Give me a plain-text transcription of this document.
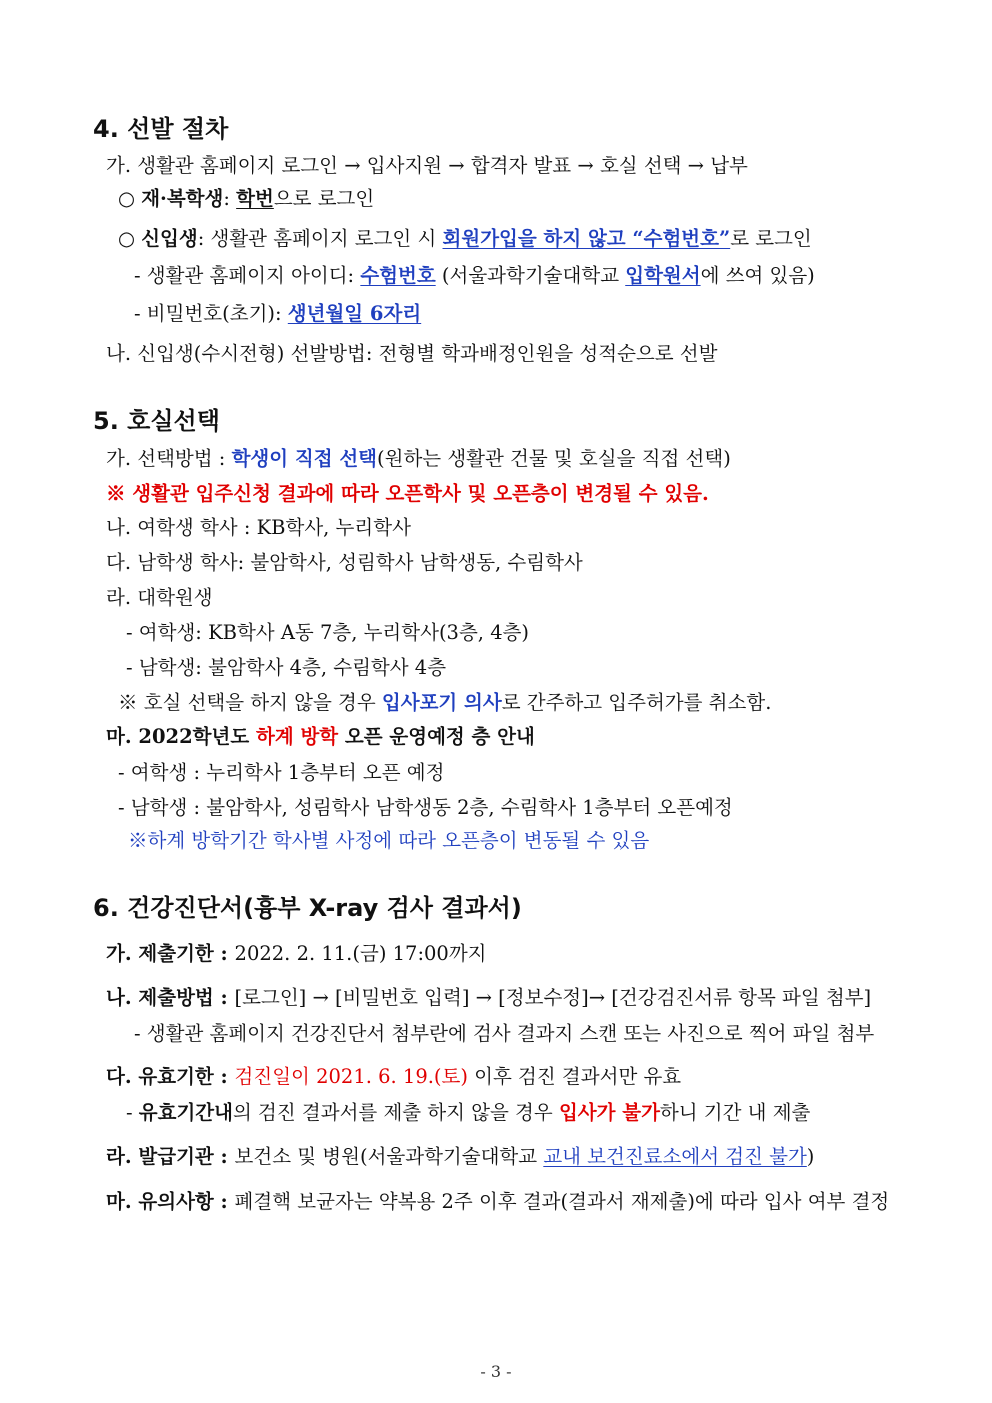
4. 선발 절차
가. 생활관 홈페이지 로그인 → 입사지원 → 합격자 발표 → 호실 선택 → 납부
○ 재·복학생: 학번으로 로그인
○ 신입생: 생활관 홈페이지 로그인 시 회원가입을 하지 않고 “수험번호”로 로그인
- 생활관 홈페이지 아이디: 수험번호 (서울과학기술대학교 입학원서에 쓰여 있음)
- 비밀번호(초기): 생년월일 6자리
나. 신입생(수시전형) 선발방법: 전형별 학과배정인원을 성적순으로 선발
5. 호실선택
가. 선택방법 : 학생이 직접 선택(원하는 생활관 건물 및 호실을 직접 선택)
※ 생활관 입주신청 결과에 따라 오픈학사 및 오픈층이 변경될 수 있음.
나. 여학생 학사 : KB학사, 누리학사
다. 남학생 학사: 불암학사, 성림학사 남학생동, 수림학사
라. 대학원생
- 여학생: KB학사 A동 7층, 누리학사(3층, 4층)
- 남학생: 불암학사 4층, 수림학사 4층
※ 호실 선택을 하지 않을 경우 입사포기 의사로 간주하고 입주허가를 취소함.
마. 2022학년도 하계 방학 오픈 운영예정 층 안내
- 여학생 : 누리학사 1층부터 오픈 예정
- 남학생 : 불암학사, 성림학사 남학생동 2층, 수림학사 1층부터 오픈예정
※하계 방학기간 학사별 사정에 따라 오픈층이 변동될 수 있음
6. 건강진단서(흉부 X-ray 검사 결과서)
가. 제출기한 : 2022. 2. 11.(금) 17:00까지
나. 제출방법 : [로그인] → [비밀번호 입력] → [정보수정]→ [건강검진서류 항목 파일 첨부]
- 생활관 홈페이지 건강진단서 첨부란에 검사 결과지 스캔 또는 사진으로 찍어 파일 첨부
다. 유효기한 : 검진일이 2021. 6. 19.(토) 이후 검진 결과서만 유효
- 유효기간내의 검진 결과서를 제출 하지 않을 경우 입사가 불가하니 기간 내 제출
라. 발급기관 : 보건소 및 병원(서울과학기술대학교 교내 보건진료소에서 검진 불가)
마. 유의사항 : 폐결핵 보균자는 약복용 2주 이후 결과(결과서 재제출)에 따라 입사 여부 결정
- 3 -
